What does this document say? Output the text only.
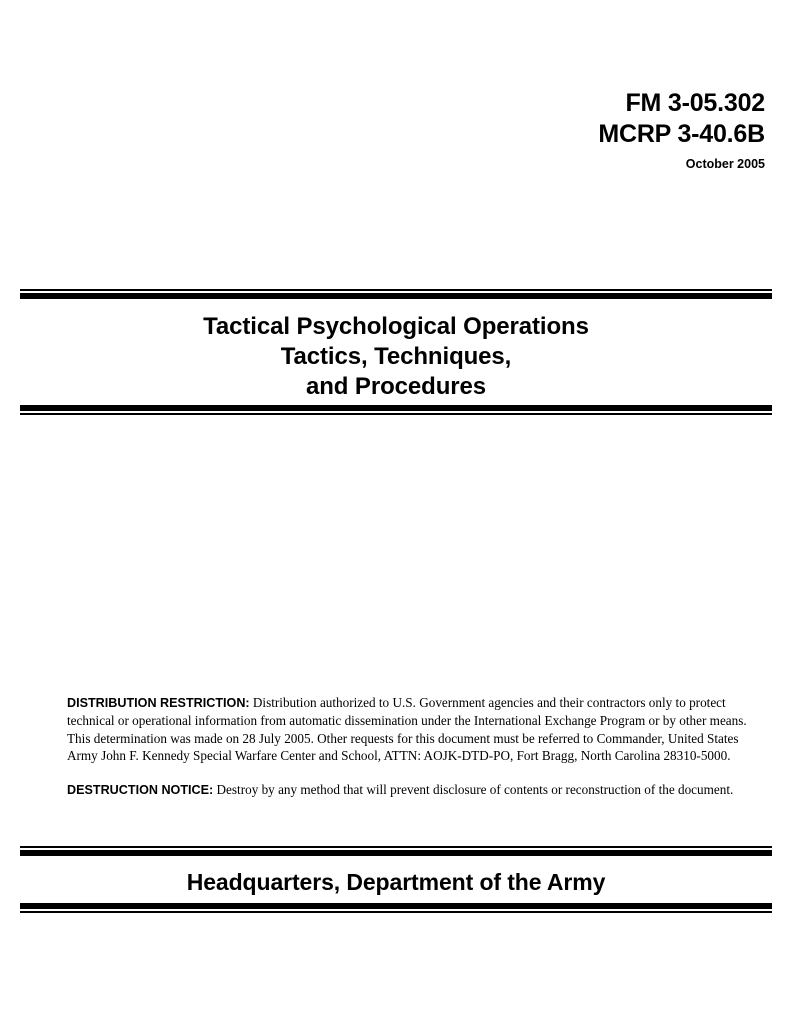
FM 3-05.302
MCRP 3-40.6B
October 2005
Tactical Psychological Operations
Tactics, Techniques,
and Procedures

DISTRIBUTION RESTRICTION: Distribution authorized to U.S. Government agencies and their contractors only to protect technical or operational information from automatic dissemination under the International Exchange Program or by other means. This determination was made on 28 July 2005. Other requests for this document must be referred to Commander, United States Army John F. Kennedy Special Warfare Center and School, ATTN: AOJK-DTD-PO, Fort Bragg, North Carolina 28310-5000.

DESTRUCTION NOTICE: Destroy by any method that will prevent disclosure of contents or reconstruction of the document.

Headquarters, Department of the Army
